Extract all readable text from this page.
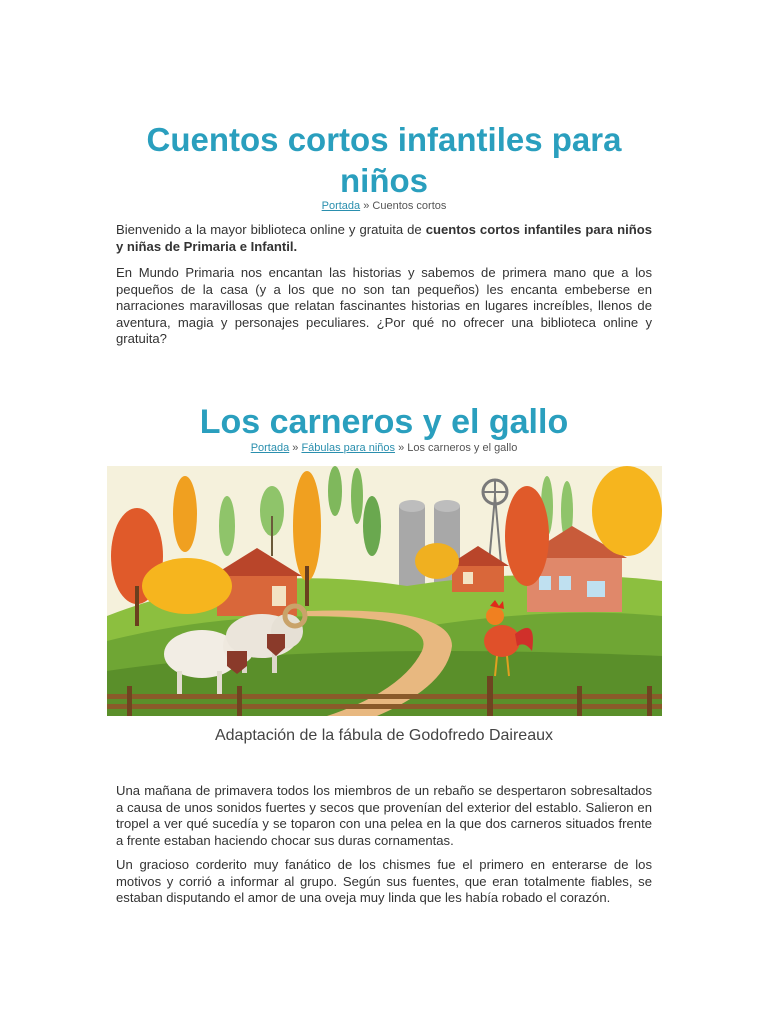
Cuentos cortos infantiles para niños
Portada » Cuentos cortos

Bienvenido a la mayor biblioteca online y gratuita de cuentos cortos infantiles para niños y niñas de Primaria e Infantil.

En Mundo Primaria nos encantan las historias y sabemos de primera mano que a los pequeños de la casa (y a los que no son tan pequeños) les encanta embeberse en narraciones maravillosas que relatan fascinantes historias en lugares increíbles, llenos de aventura, magia y personajes peculiares. ¿Por qué no ofrecer una biblioteca online y gratuita?

Los carneros y el gallo
Portada » Fábulas para niños » Los carneros y el gallo
Adaptación de la fábula de Godofredo Daireaux

Una mañana de primavera todos los miembros de un rebaño se despertaron sobresaltados a causa de unos sonidos fuertes y secos que provenían del exterior del establo. Salieron en tropel a ver qué sucedía y se toparon con una pelea en la que dos carneros situados frente a frente estaban haciendo chocar sus duras cornamentas.

Un gracioso corderito muy fanático de los chismes fue el primero en enterarse de los motivos y corrió a informar al grupo. Según sus fuentes, que eran totalmente fiables, se estaban disputando el amor de una oveja muy linda que les había robado el corazón.
